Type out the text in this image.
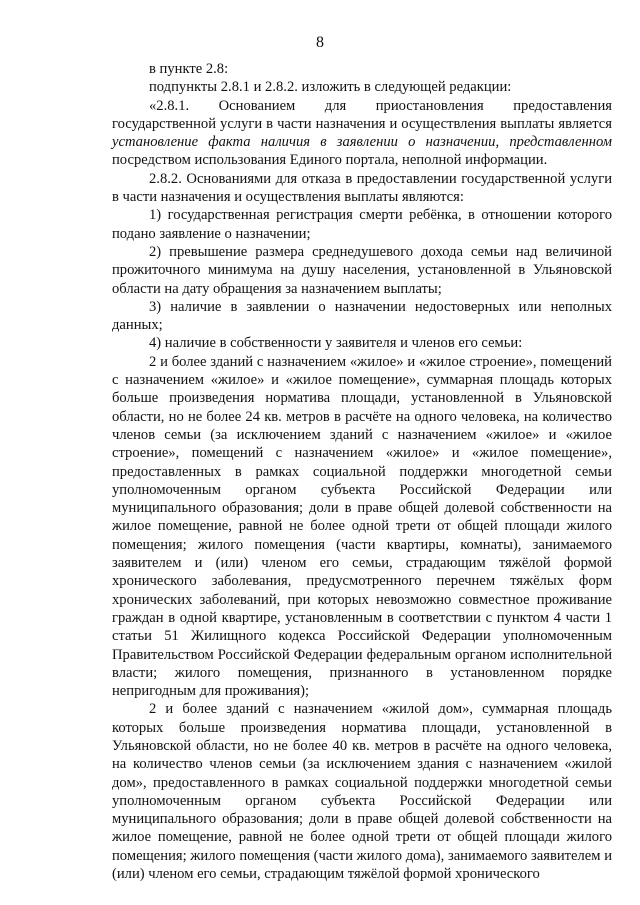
8

в пункте 2.8:

подпункты 2.8.1 и 2.8.2. изложить в следующей редакции:

«2.8.1. Основанием для приостановления предоставления государственной услуги в части назначения и осуществления выплаты является установление факта наличия в заявлении о назначении, представленном посредством использования Единого портала, неполной информации.

2.8.2. Основаниями для отказа в предоставлении государственной услуги в части назначения и осуществления выплаты являются:

1) государственная регистрация смерти ребёнка, в отношении которого подано заявление о назначении;

2) превышение размера среднедушевого дохода семьи над величиной прожиточного минимума на душу населения, установленной в Ульяновской области на дату обращения за назначением выплаты;

3) наличие в заявлении о назначении недостоверных или неполных данных;

4) наличие в собственности у заявителя и членов его семьи:

2 и более зданий с назначением «жилое» и «жилое строение», помещений с назначением «жилое» и «жилое помещение», суммарная площадь которых больше произведения норматива площади, установленной в Ульяновской области, но не более 24 кв. метров в расчёте на одного человека, на количество членов семьи (за исключением зданий с назначением «жилое» и «жилое строение», помещений с назначением «жилое» и «жилое помещение», предоставленных в рамках социальной поддержки многодетной семьи уполномоченным органом субъекта Российской Федерации или муниципального образования; доли в праве общей долевой собственности на жилое помещение, равной не более одной трети от общей площади жилого помещения; жилого помещения (части квартиры, комнаты), занимаемого заявителем и (или) членом его семьи, страдающим тяжёлой формой хронического заболевания, предусмотренного перечнем тяжёлых форм хронических заболеваний, при которых невозможно совместное проживание граждан в одной квартире, установленным в соответствии с пунктом 4 части 1 статьи 51 Жилищного кодекса Российской Федерации уполномоченным Правительством Российской Федерации федеральным органом исполнительной власти; жилого помещения, признанного в установленном порядке непригодным для проживания);

2 и более зданий с назначением «жилой дом», суммарная площадь которых больше произведения норматива площади, установленной в Ульяновской области, но не более 40 кв. метров в расчёте на одного человека, на количество членов семьи (за исключением здания с назначением «жилой дом», предоставленного в рамках социальной поддержки многодетной семьи уполномоченным органом субъекта Российской Федерации или муниципального образования; доли в праве общей долевой собственности на жилое помещение, равной не более одной трети от общей площади жилого помещения; жилого помещения (части жилого дома), занимаемого заявителем и (или) членом его семьи, страдающим тяжёлой формой хронического
